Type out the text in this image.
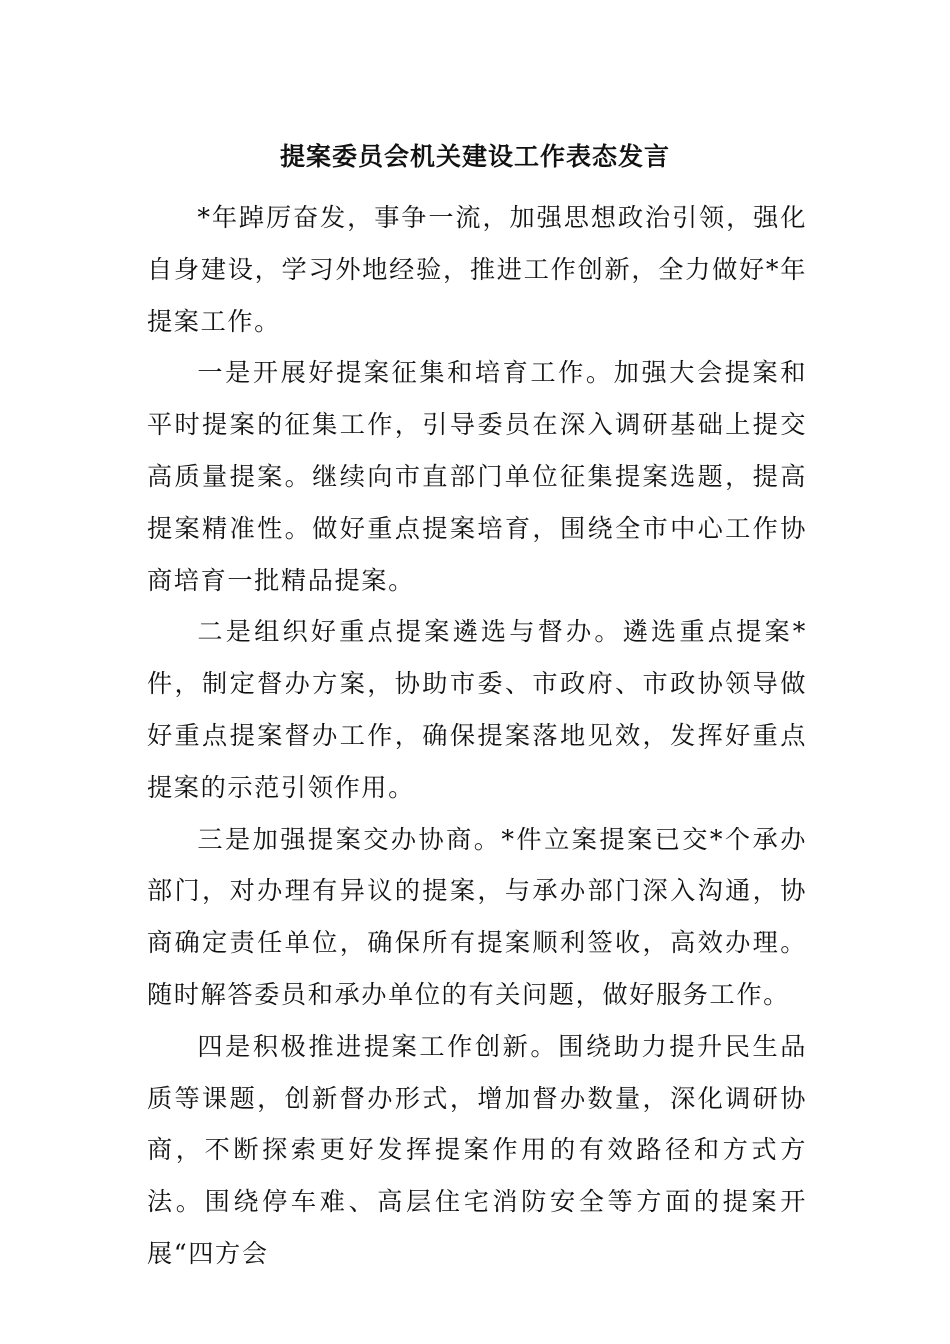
提案委员会机关建设工作表态发言

*年踔厉奋发，事争一流，加强思想政治引领，强化自身建设，学习外地经验，推进工作创新，全力做好*年提案工作。

一是开展好提案征集和培育工作。加强大会提案和平时提案的征集工作，引导委员在深入调研基础上提交高质量提案。继续向市直部门单位征集提案选题，提高提案精准性。做好重点提案培育，围绕全市中心工作协商培育一批精品提案。

二是组织好重点提案遴选与督办。遴选重点提案*件，制定督办方案，协助市委、市政府、市政协领导做好重点提案督办工作，确保提案落地见效，发挥好重点提案的示范引领作用。

三是加强提案交办协商。*件立案提案已交*个承办部门，对办理有异议的提案，与承办部门深入沟通，协商确定责任单位，确保所有提案顺利签收，高效办理。随时解答委员和承办单位的有关问题，做好服务工作。

四是积极推进提案工作创新。围绕助力提升民生品质等课题，创新督办形式，增加督办数量，深化调研协商，不断探索更好发挥提案作用的有效路径和方式方法。围绕停车难、高层住宅消防安全等方面的提案开展“四方会
